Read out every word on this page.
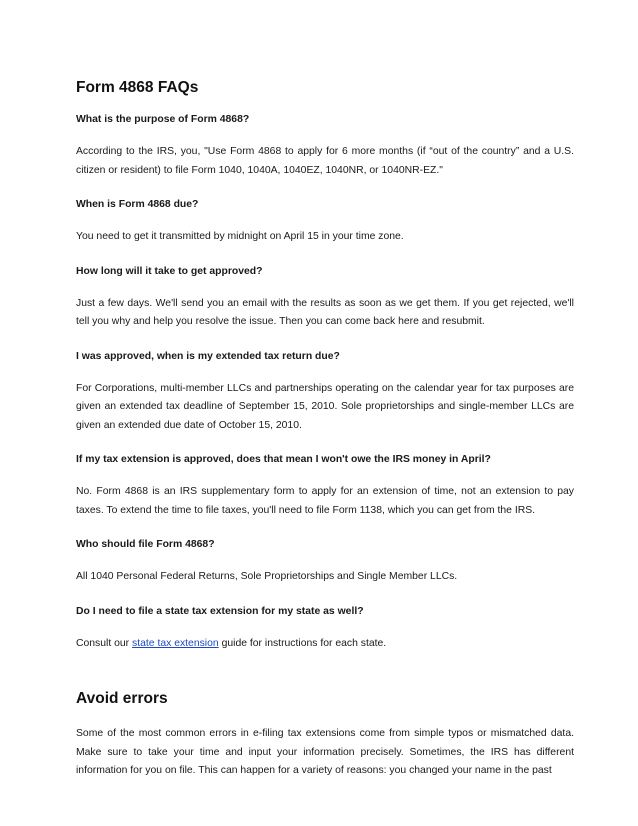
Form 4868 FAQs

What is the purpose of Form 4868?

According to the IRS, you, "Use Form 4868 to apply for 6 more months (if “out of the country” and a U.S. citizen or resident) to file Form 1040, 1040A, 1040EZ, 1040NR, or 1040NR-EZ."

When is Form 4868 due?

You need to get it transmitted by midnight on April 15 in your time zone.

How long will it take to get approved?

Just a few days. We'll send you an email with the results as soon as we get them. If you get rejected, we'll tell you why and help you resolve the issue. Then you can come back here and resubmit.

I was approved, when is my extended tax return due?

For Corporations, multi-member LLCs and partnerships operating on the calendar year for tax purposes are given an extended tax deadline of September 15, 2010. Sole proprietorships and single-member LLCs are given an extended due date of October 15, 2010.

If my tax extension is approved, does that mean I won't owe the IRS money in April?

No. Form 4868 is an IRS supplementary form to apply for an extension of time, not an extension to pay taxes. To extend the time to file taxes, you'll need to file Form 1138, which you can get from the IRS.

Who should file Form 4868?

All 1040 Personal Federal Returns, Sole Proprietorships and Single Member LLCs.

Do I need to file a state tax extension for my state as well?

Consult our state tax extension guide for instructions for each state.

Avoid errors

Some of the most common errors in e-filing tax extensions come from simple typos or mismatched data. Make sure to take your time and input your information precisely. Sometimes, the IRS has different information for you on file. This can happen for a variety of reasons: you changed your name in the past
